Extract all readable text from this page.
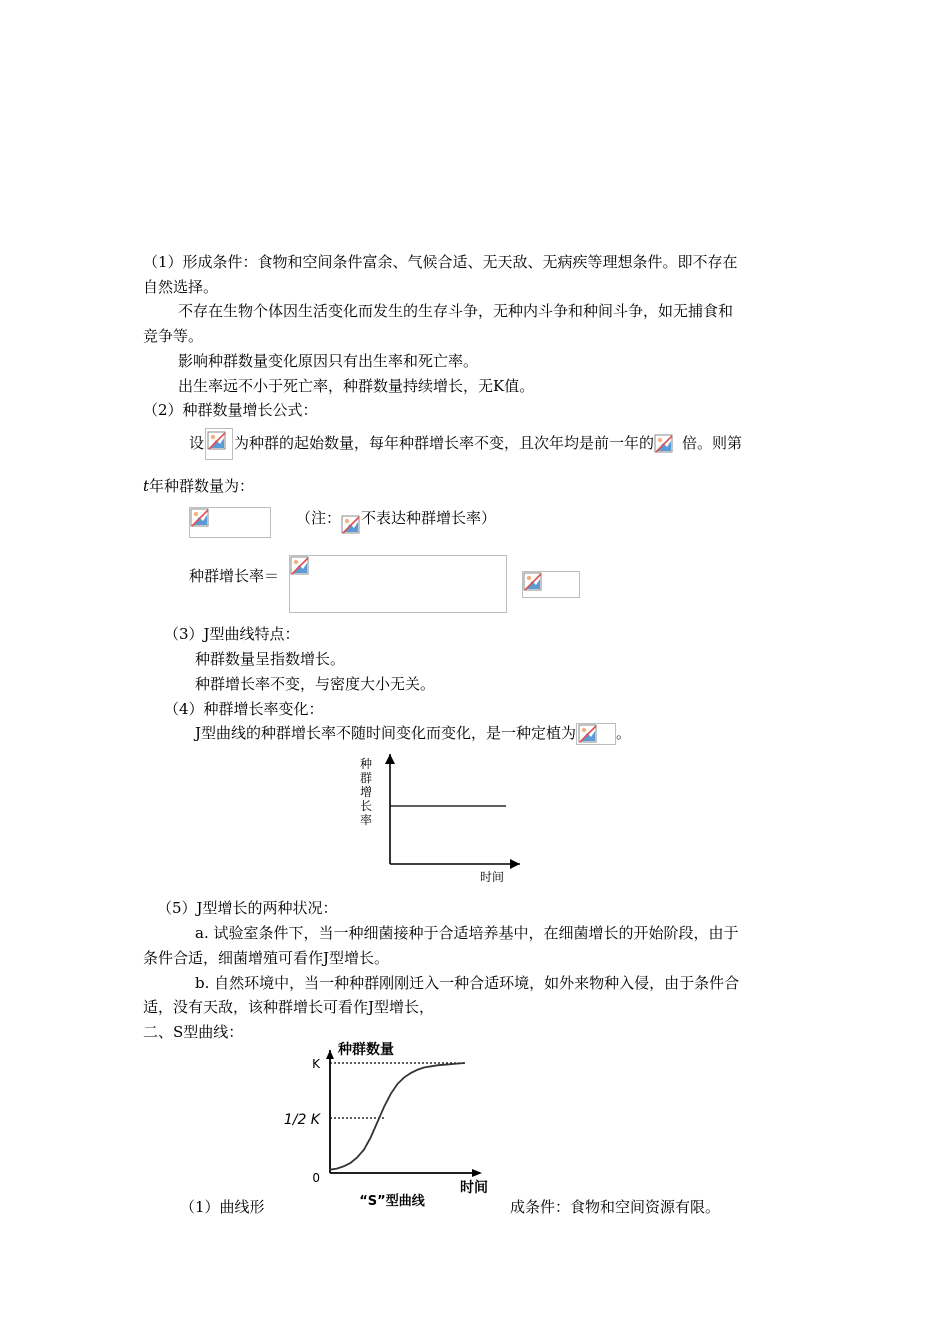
（1）形成条件：食物和空间条件富余、气候合适、无天敌、无病疾等理想条件。即不存在
自然选择。
不存在生物个体因生活变化而发生的生存斗争，无种内斗争和种间斗争，如无捕食和
竞争等。
影响种群数量变化原因只有出生率和死亡率。
出生率远不小于死亡率，种群数量持续增长，无K值。
（2）种群数量增长公式：
设 为种群的起始数量，每年种群增长率不变，且次年均是前一年的 倍。则第
t年种群数量为：
（注： 不表达种群增长率）
种群增长率＝
（3）J型曲线特点：
种群数量呈指数增长。
种群增长率不变，与密度大小无关。
（4）种群增长率变化：
J型曲线的种群增长率不随时间变化而变化，是一种定植为	。
种
群
增
长
率
时间
（5）J型增长的两种状况：
a. 试验室条件下，当一种细菌接种于合适培养基中，在细菌增长的开始阶段，由于
条件合适，细菌增殖可看作J型增长。
b. 自然环境中，当一种种群刚刚迁入一种合适环境，如外来物种入侵，由于条件合
适，没有天敌，该种群增长可看作J型增长，
二、S型曲线：
K
1/2 K
0
种群数量
时间
“S”型曲线
（1）曲线形	成条件：食物和空间资源有限。
